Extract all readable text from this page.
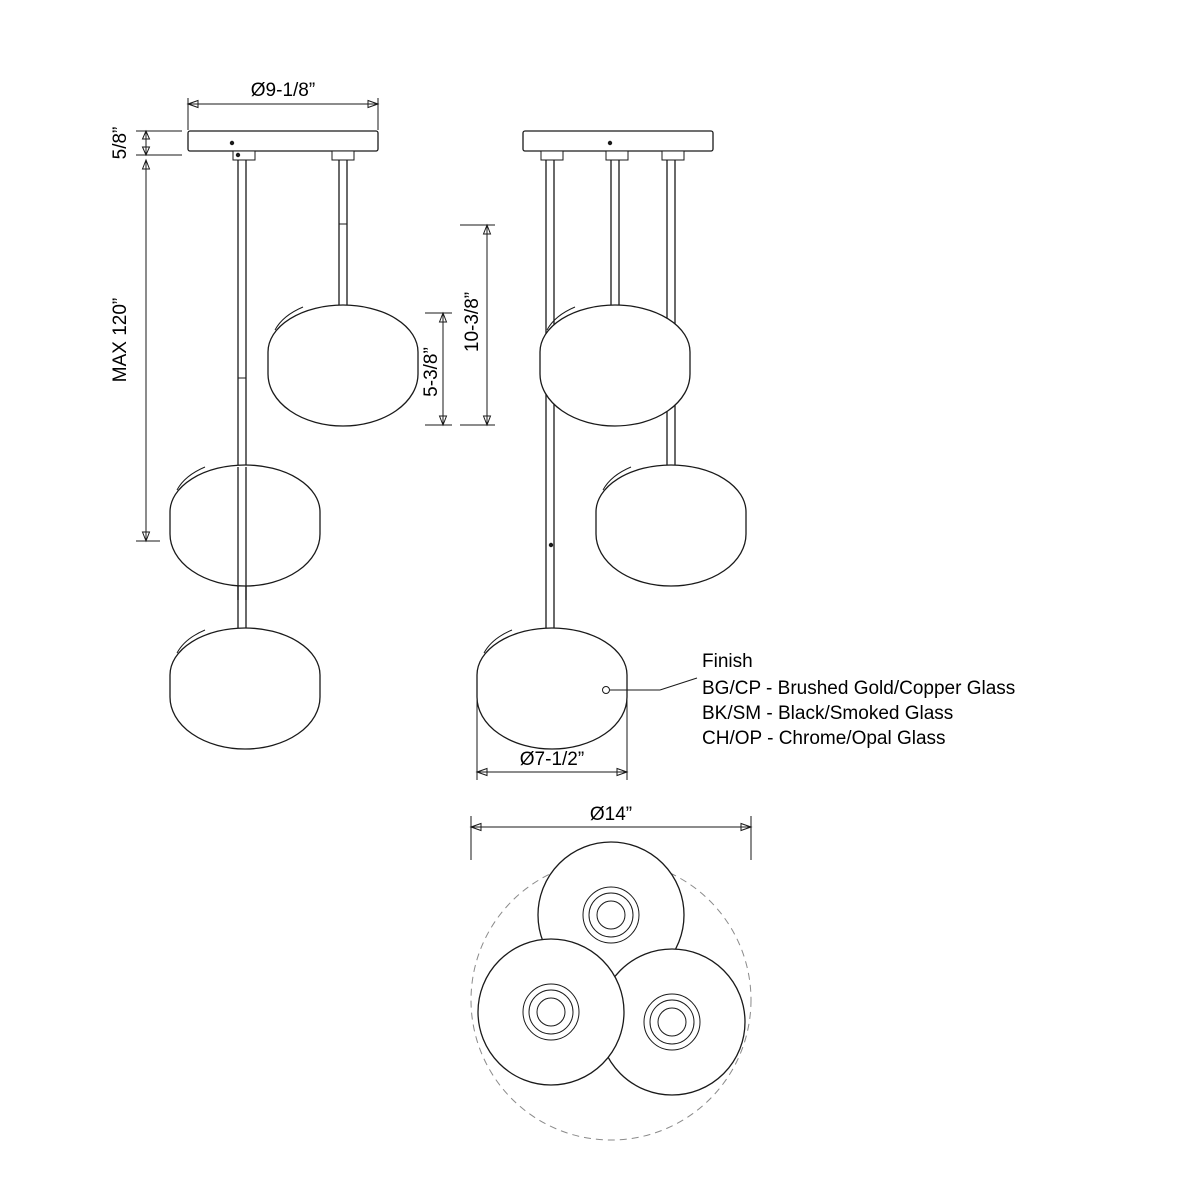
Ø9-1/8”
5/8”
MAX 120”	5-3/8”
10-3/8”
Ø7-1/2”
Ø14”
Finish
BG/CP - Brushed Gold/Copper Glass
BK/SM - Black/Smoked Glass
CH/OP - Chrome/Opal Glass
